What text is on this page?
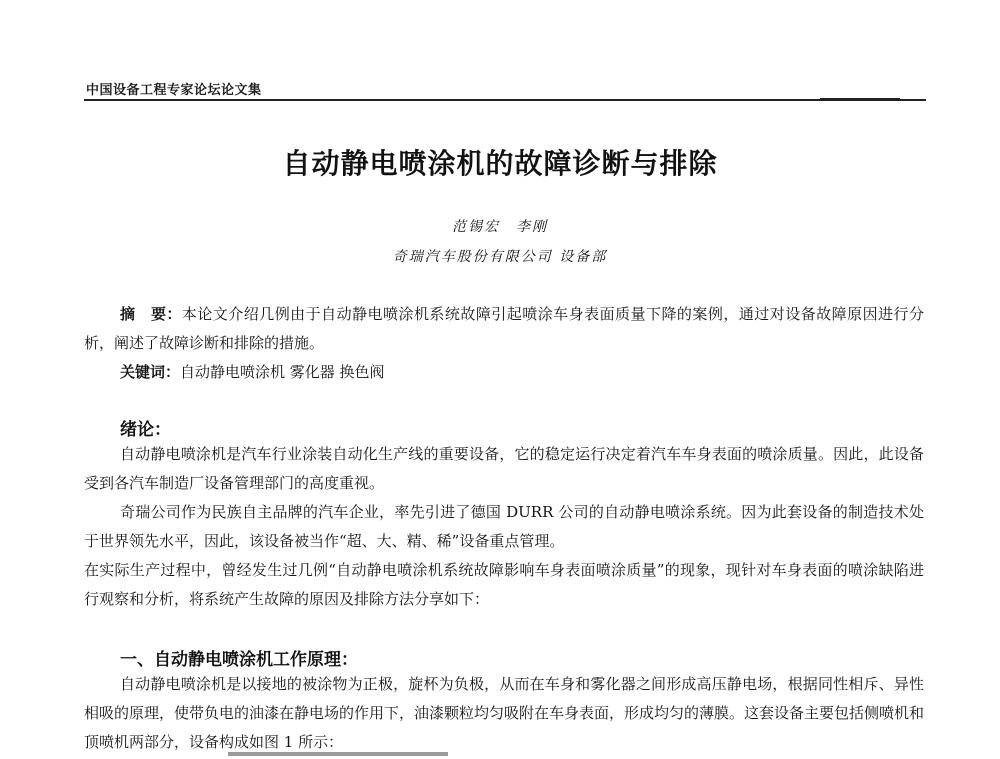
中国设备工程专家论坛论文集
自动静电喷涂机的故障诊断与排除
范锡宏　李刚
奇瑞汽车股份有限公司 设备部

摘　要：本论文介绍几例由于自动静电喷涂机系统故障引起喷涂车身表面质量下降的案例，通过对设备故障原因进行分析，阐述了故障诊断和排除的措施。

关键词：自动静电喷涂机 雾化器 换色阀

绪论：

自动静电喷涂机是汽车行业涂装自动化生产线的重要设备，它的稳定运行决定着汽车车身表面的喷涂质量。因此，此设备受到各汽车制造厂设备管理部门的高度重视。

奇瑞公司作为民族自主品牌的汽车企业，率先引进了德国 DURR 公司的自动静电喷涂系统。因为此套设备的制造技术处于世界领先水平，因此，该设备被当作“超、大、精、稀”设备重点管理。

在实际生产过程中，曾经发生过几例“自动静电喷涂机系统故障影响车身表面喷涂质量”的现象，现针对车身表面的喷涂缺陷进行观察和分析，将系统产生故障的原因及排除方法分享如下：

一、自动静电喷涂机工作原理：

自动静电喷涂机是以接地的被涂物为正极，旋杯为负极，从而在车身和雾化器之间形成高压静电场，根据同性相斥、异性相吸的原理，使带负电的油漆在静电场的作用下，油漆颗粒均匀吸附在车身表面，形成均匀的薄膜。这套设备主要包括侧喷机和顶喷机两部分，设备构成如图 1 所示：
